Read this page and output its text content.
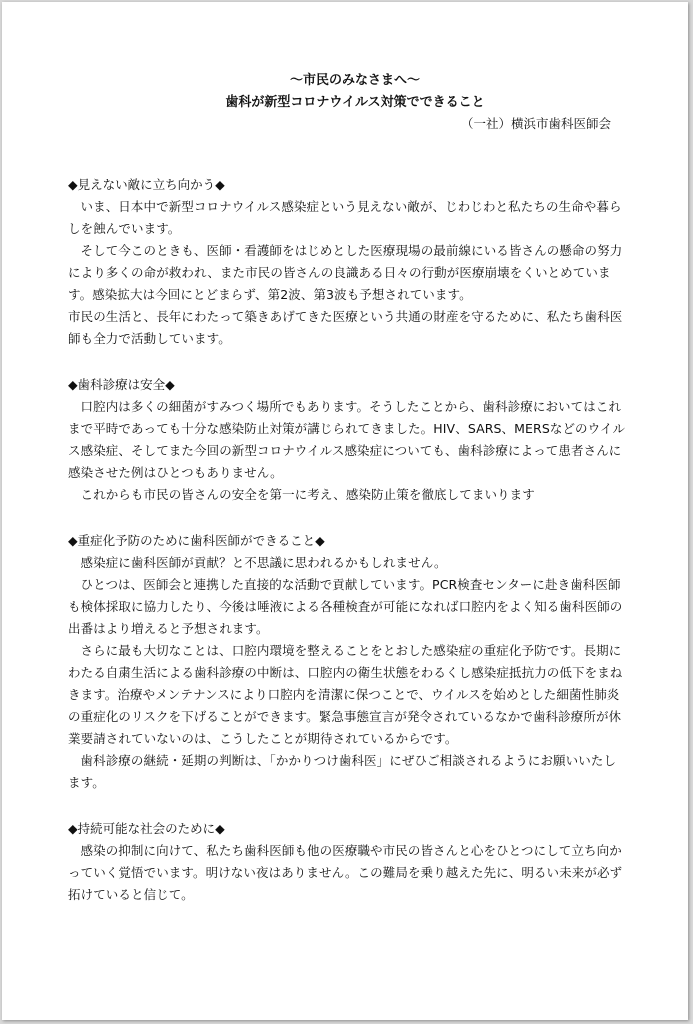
～市民のみなさまへ～

歯科が新型コロナウイルス対策でできること

（一社）横浜市歯科医師会

◆見えない敵に立ち向かう◆

いま、日本中で新型コロナウイルス感染症という見えない敵が、じわじわと私たちの生命や暮らしを蝕んでいます。

そして今このときも、医師・看護師をはじめとした医療現場の最前線にいる皆さんの懸命の努力により多くの命が救われ、また市民の皆さんの良識ある日々の行動が医療崩壊をくいとめています。感染拡大は今回にとどまらず、第2波、第3波も予想されています。

市民の生活と、長年にわたって築きあげてきた医療という共通の財産を守るために、私たち歯科医師も全力で活動しています。

◆歯科診療は安全◆

口腔内は多くの細菌がすみつく場所でもあります。そうしたことから、歯科診療においてはこれまで平時であっても十分な感染防止対策が講じられてきました。HIV、SARS、MERSなどのウイルス感染症、そしてまた今回の新型コロナウイルス感染症についても、歯科診療によって患者さんに感染させた例はひとつもありません。

これからも市民の皆さんの安全を第一に考え、感染防止策を徹底してまいります

◆重症化予防のために歯科医師ができること◆

感染症に歯科医師が貢献？と不思議に思われるかもしれません。

ひとつは、医師会と連携した直接的な活動で貢献しています。PCR検査センターに赴き歯科医師も検体採取に協力したり、今後は唾液による各種検査が可能になれば口腔内をよく知る歯科医師の出番はより増えると予想されます。

さらに最も大切なことは、口腔内環境を整えることをとおした感染症の重症化予防です。長期にわたる自粛生活による歯科診療の中断は、口腔内の衛生状態をわるくし感染症抵抗力の低下をまねきます。治療やメンテナンスにより口腔内を清潔に保つことで、ウイルスを始めとした細菌性肺炎の重症化のリスクを下げることができます。緊急事態宣言が発令されているなかで歯科診療所が休業要請されていないのは、こうしたことが期待されているからです。

歯科診療の継続・延期の判断は、「かかりつけ歯科医」にぜひご相談されるようにお願いいたします。

◆持続可能な社会のために◆

感染の抑制に向けて、私たち歯科医師も他の医療職や市民の皆さんと心をひとつにして立ち向かっていく覚悟でいます。明けない夜はありません。この難局を乗り越えた先に、明るい未来が必ず拓けていると信じて。
